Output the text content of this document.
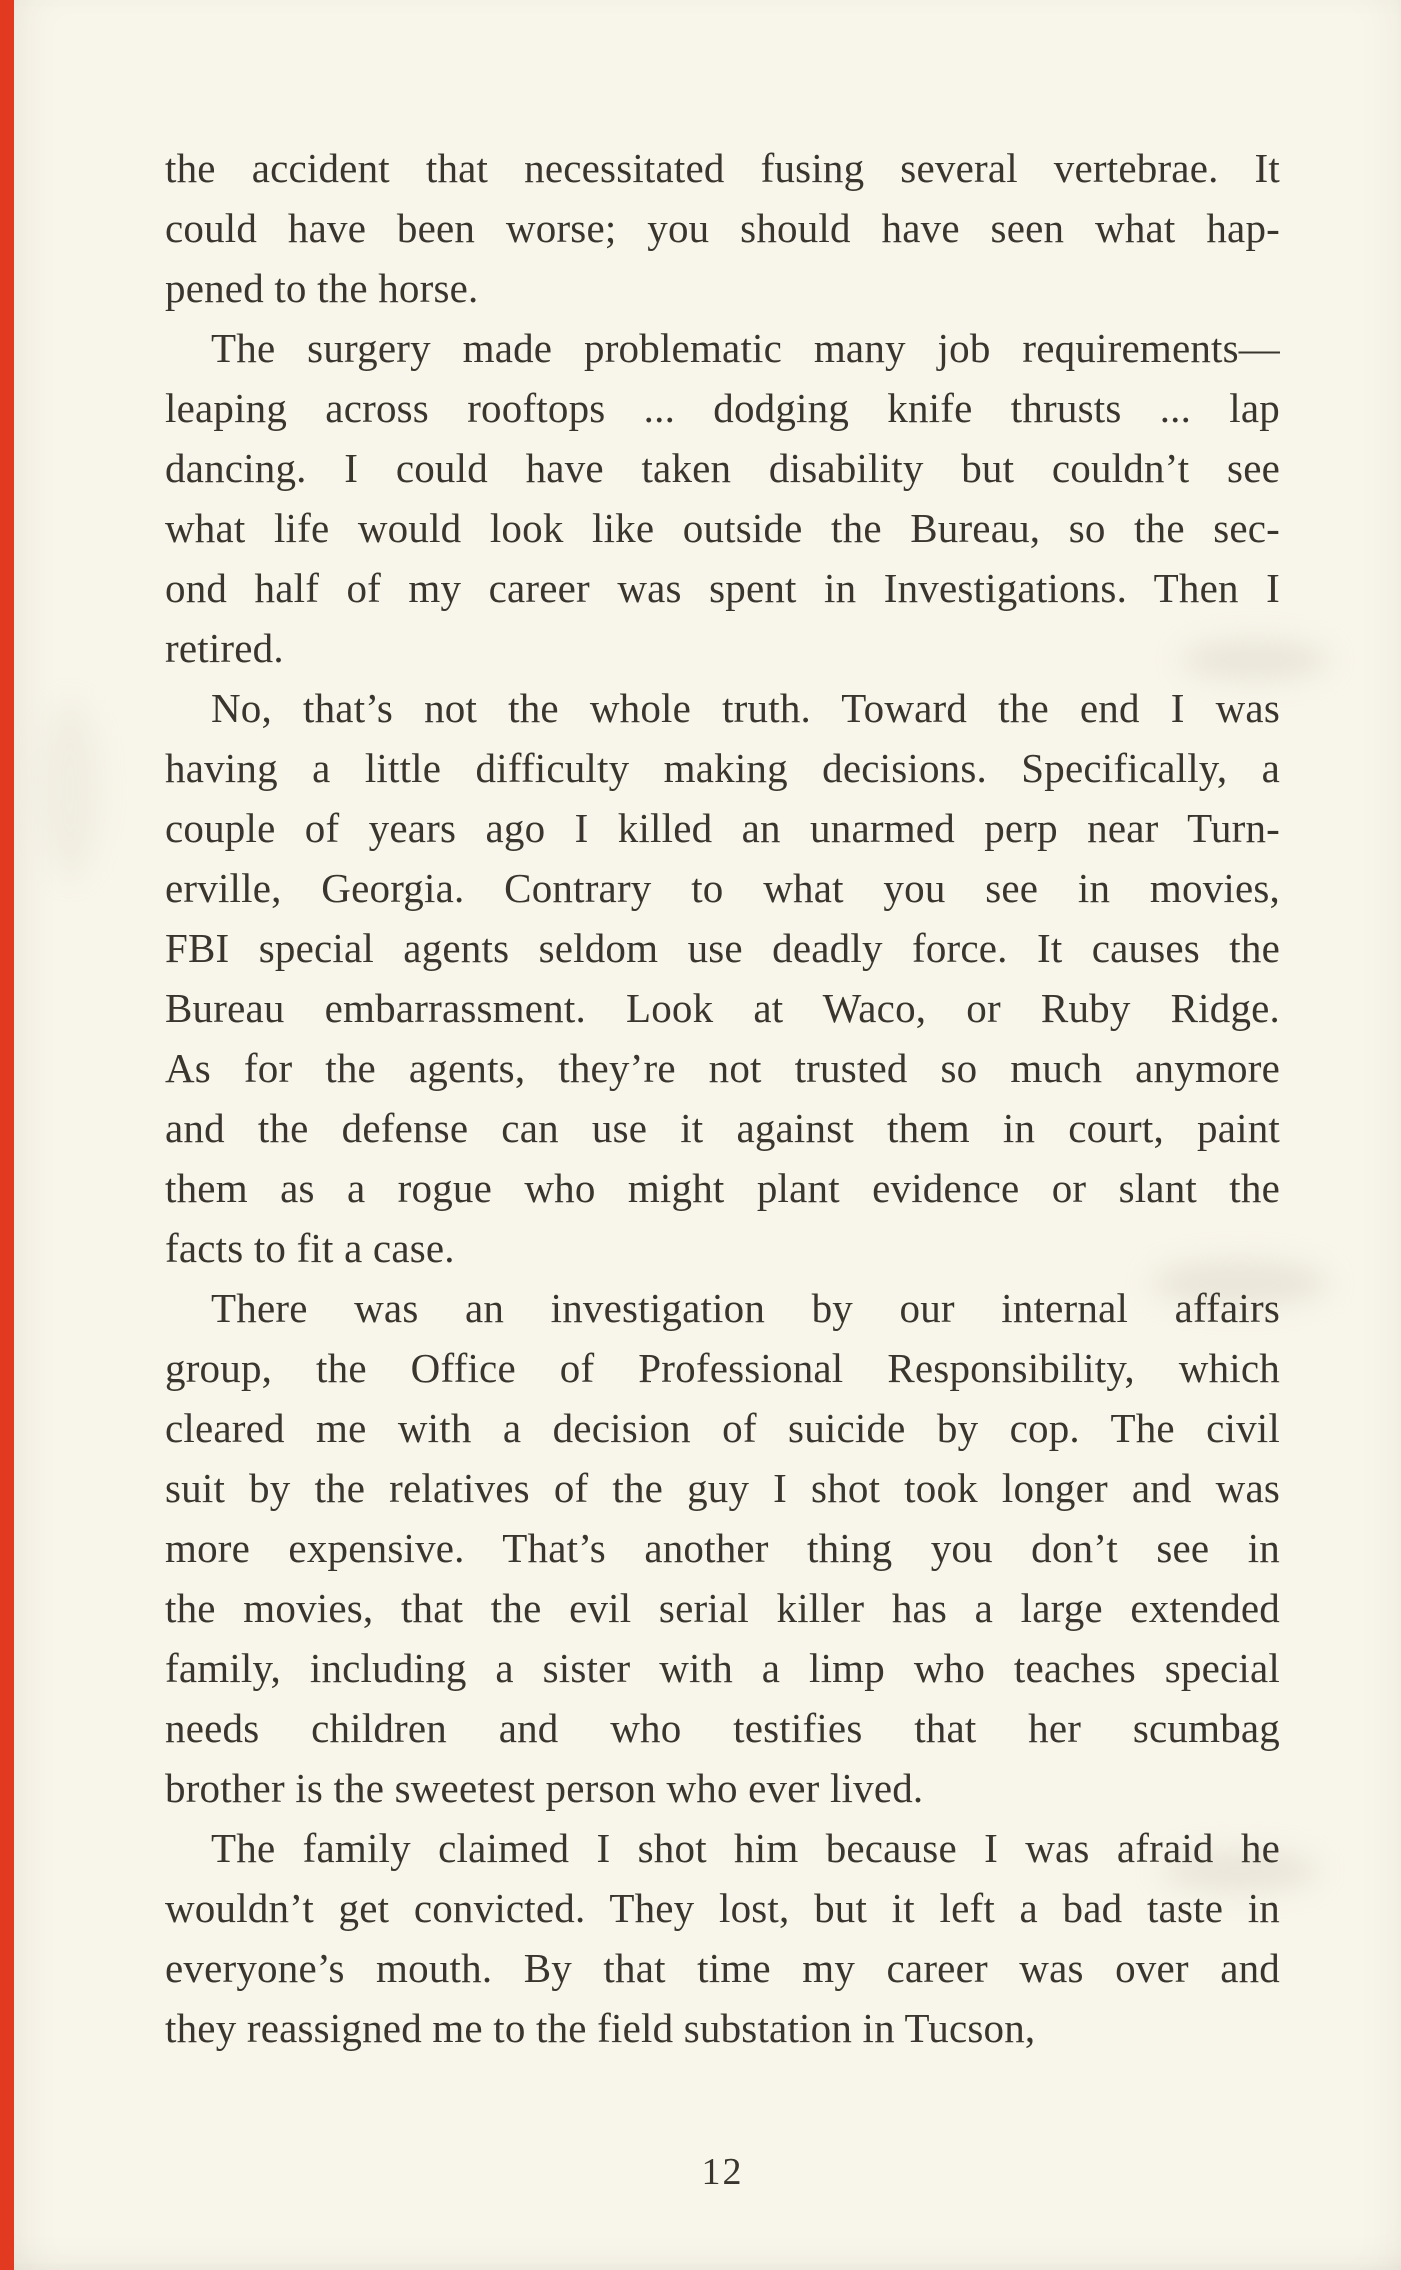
the accident that necessitated fusing several vertebrae. It
could have been worse; you should have seen what hap-
pened to the horse.
The surgery made problematic many job requirements—
leaping across rooftops ... dodging knife thrusts ... lap
dancing. I could have taken disability but couldn’t see
what life would look like outside the Bureau, so the sec-
ond half of my career was spent in Investigations. Then I
retired.
No, that’s not the whole truth. Toward the end I was
having a little difficulty making decisions. Specifically, a
couple of years ago I killed an unarmed perp near Turn-
erville, Georgia. Contrary to what you see in movies,
FBI special agents seldom use deadly force. It causes the
Bureau embarrassment. Look at Waco, or Ruby Ridge.
As for the agents, they’re not trusted so much anymore
and the defense can use it against them in court, paint
them as a rogue who might plant evidence or slant the
facts to fit a case.
There was an investigation by our internal affairs
group, the Office of Professional Responsibility, which
cleared me with a decision of suicide by cop. The civil
suit by the relatives of the guy I shot took longer and was
more expensive. That’s another thing you don’t see in
the movies, that the evil serial killer has a large extended
family, including a sister with a limp who teaches special
needs children and who testifies that her scumbag
brother is the sweetest person who ever lived.
The family claimed I shot him because I was afraid he
wouldn’t get convicted. They lost, but it left a bad taste in
everyone’s mouth. By that time my career was over and
they reassigned me to the field substation in Tucson,
12
